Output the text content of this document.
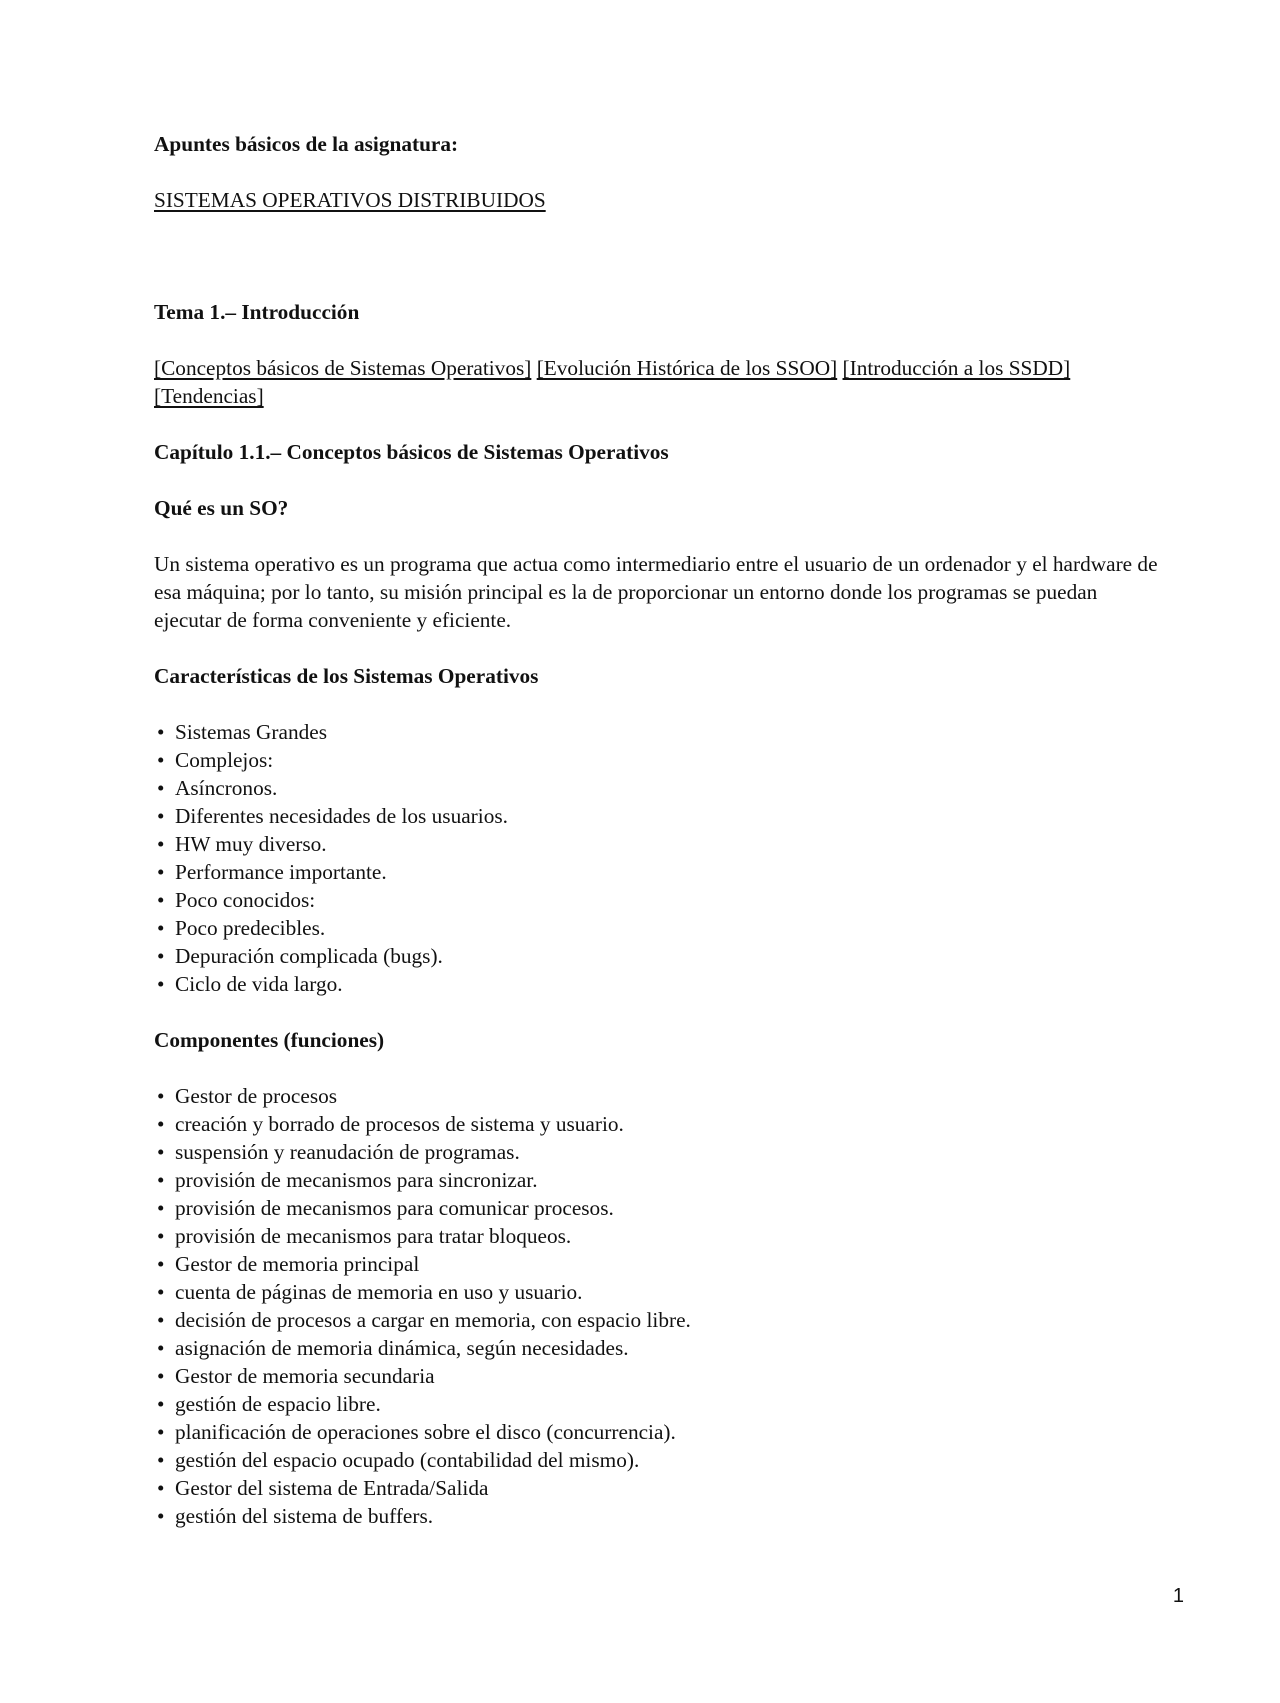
Apuntes básicos de la asignatura:

SISTEMAS OPERATIVOS DISTRIBUIDOS

Tema 1.– Introducción

[Conceptos básicos de Sistemas Operativos] [Evolución Histórica de los SSOO] [Introducción a los SSDD] [Tendencias]

Capítulo 1.1.– Conceptos básicos de Sistemas Operativos

Qué es un SO?

Un sistema operativo es un programa que actua como intermediario entre el usuario de un ordenador y el hardware de esa máquina; por lo tanto, su misión principal es la de proporcionar un entorno donde los programas se puedan ejecutar de forma conveniente y eficiente.

Características de los Sistemas Operativos

• Sistemas Grandes
• Complejos:
• Asíncronos.
• Diferentes necesidades de los usuarios.
• HW muy diverso.
• Performance importante.
• Poco conocidos:
• Poco predecibles.
• Depuración complicada (bugs).
• Ciclo de vida largo.

Componentes (funciones)

• Gestor de procesos
• creación y borrado de procesos de sistema y usuario.
• suspensión y reanudación de programas.
• provisión de mecanismos para sincronizar.
• provisión de mecanismos para comunicar procesos.
• provisión de mecanismos para tratar bloqueos.
• Gestor de memoria principal
• cuenta de páginas de memoria en uso y usuario.
• decisión de procesos a cargar en memoria, con espacio libre.
• asignación de memoria dinámica, según necesidades.
• Gestor de memoria secundaria
• gestión de espacio libre.
• planificación de operaciones sobre el disco (concurrencia).
• gestión del espacio ocupado (contabilidad del mismo).
• Gestor del sistema de Entrada/Salida
• gestión del sistema de buffers.
1
